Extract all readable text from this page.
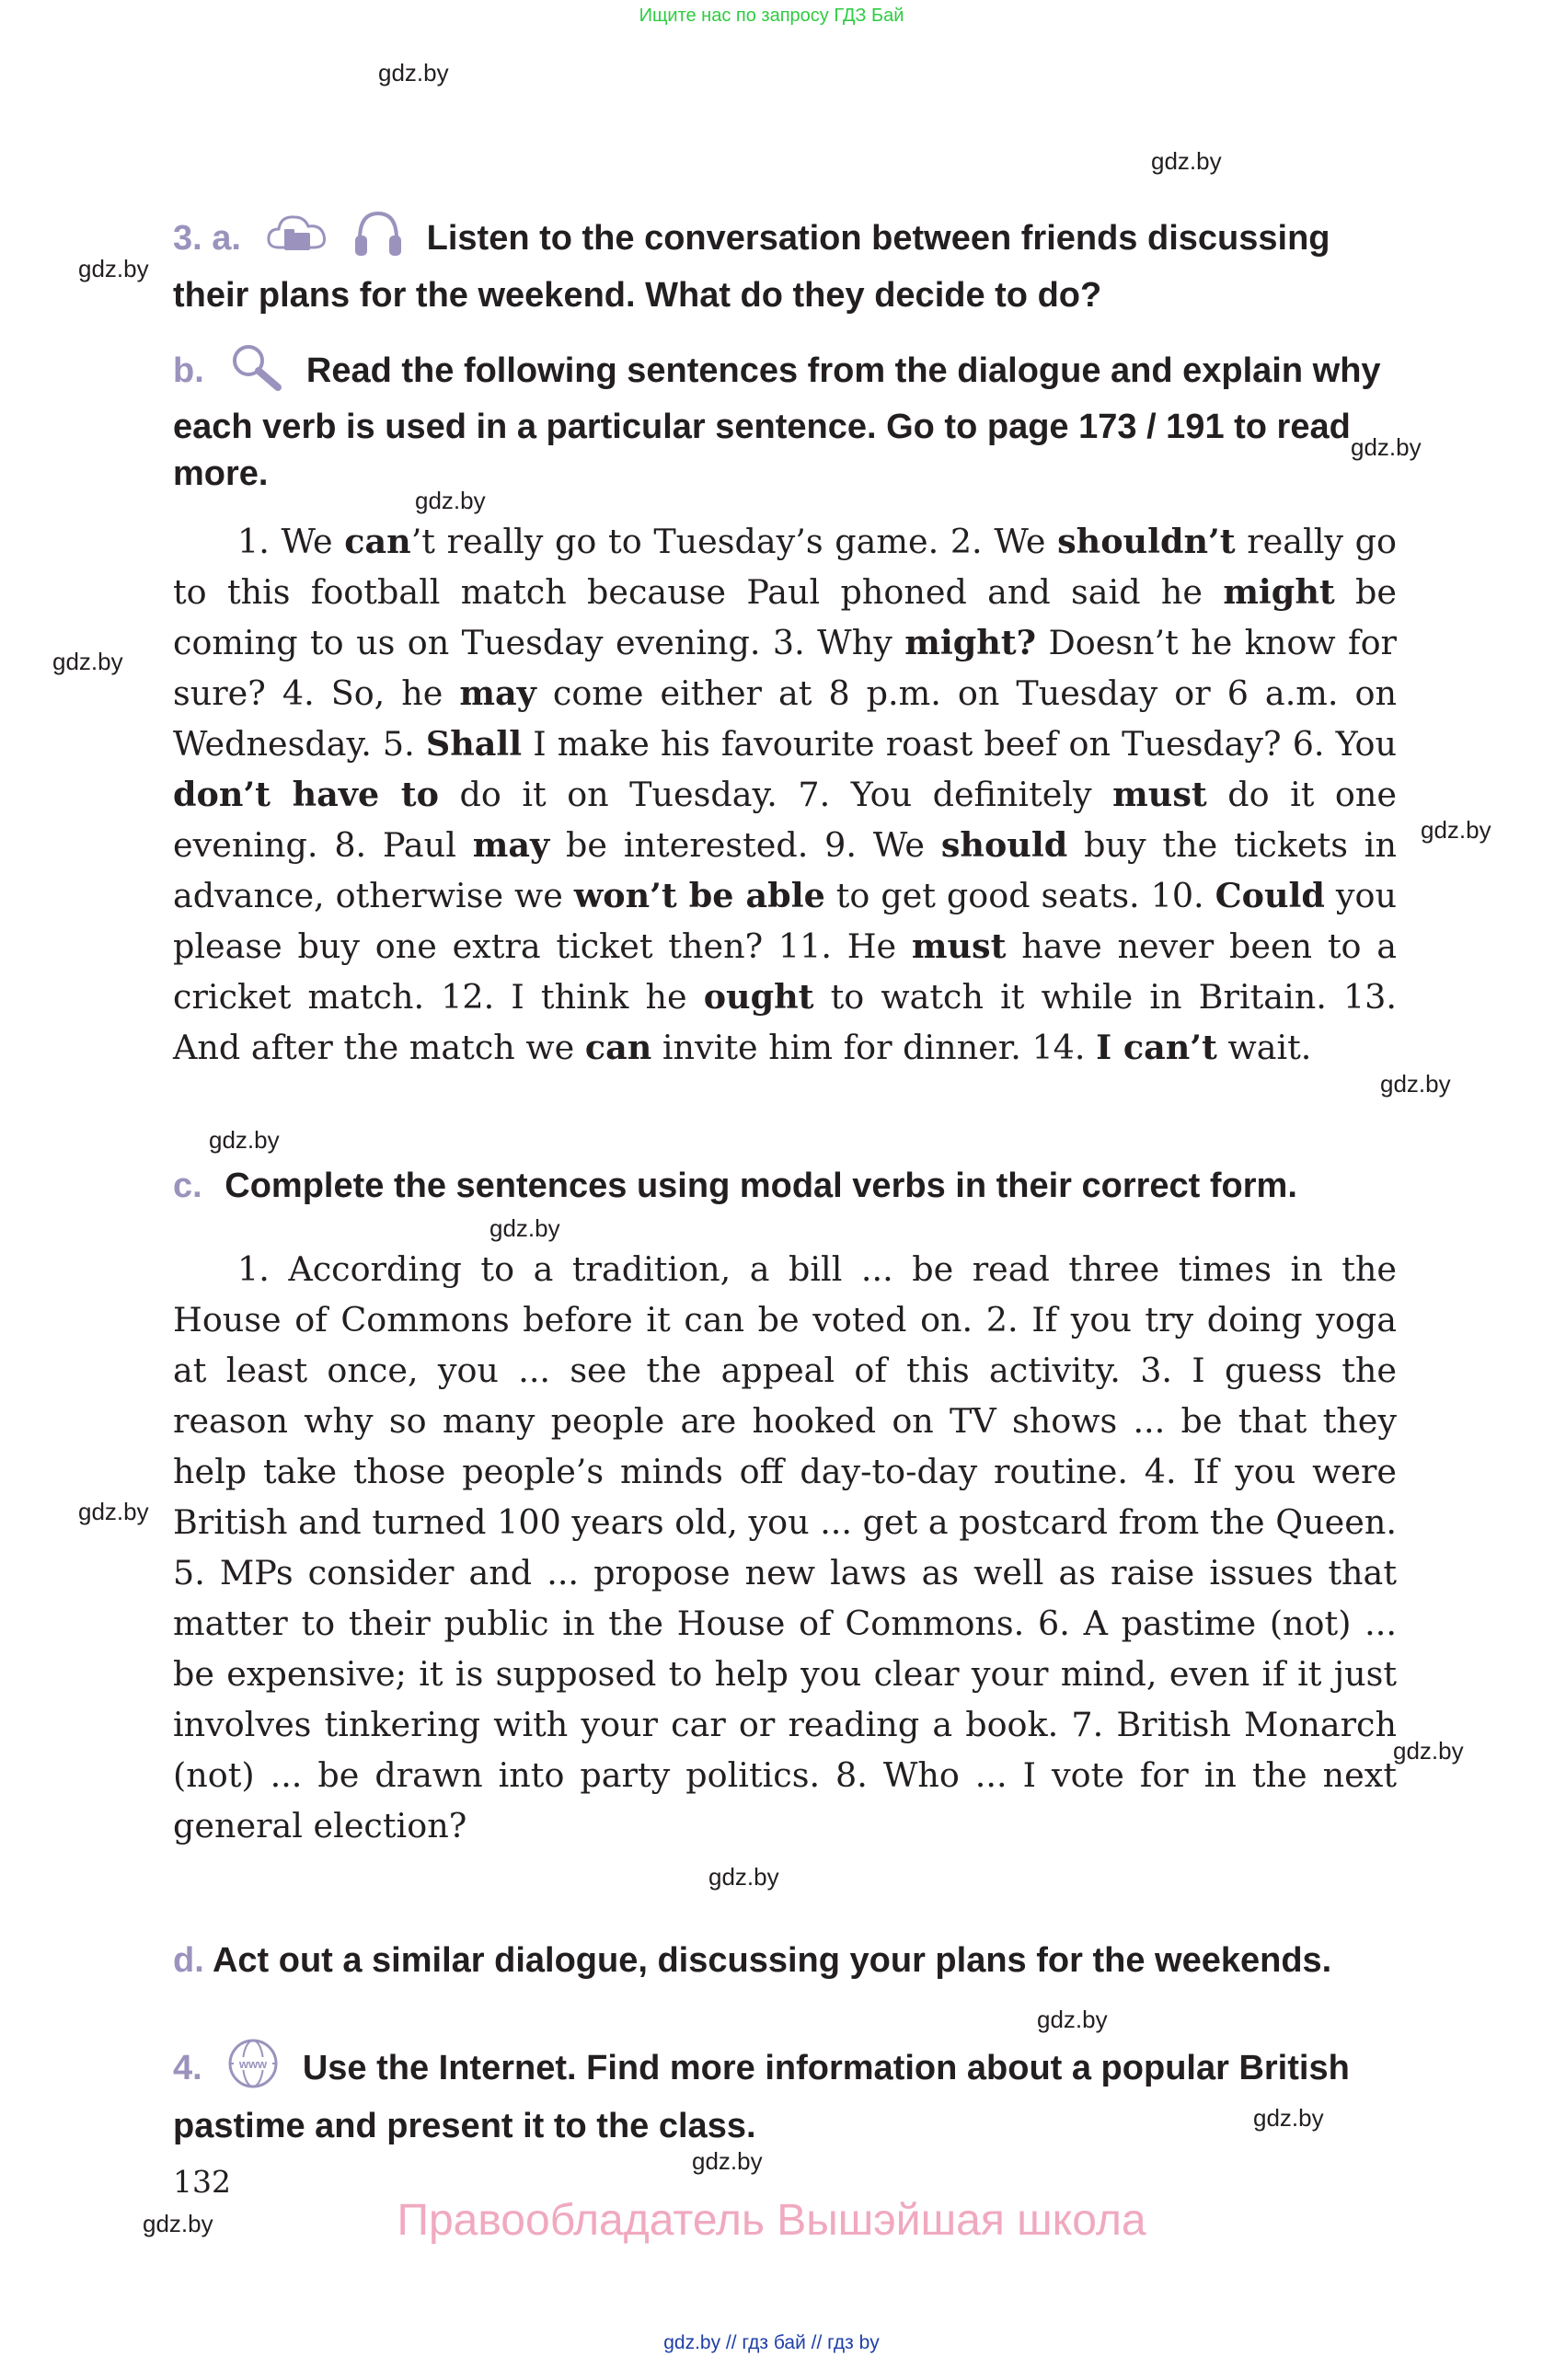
Ищите нас по запросу ГДЗ Бай
gdz.by
gdz.by
gdz.by
gdz.by
gdz.by
gdz.by
gdz.by
gdz.by
gdz.by
gdz.by
gdz.by
gdz.by
gdz.by
gdz.by
gdz.by
gdz.by
gdz.by
3. a.	Listen to the conversation between friends discussing their plans for the weekend. What do they decide to do?
b.	Read the following sentences from the dialogue and explain why each verb is used in a particular sentence. Go to page 173 / 191 to read more.

1. We can’t really go to Tuesday’s game. 2. We shouldn’t really go to this football match because Paul phoned and said he might be coming to us on Tuesday evening. 3. Why might? Doesn’t he know for sure? 4. So, he may come either at 8 p.m. on Tuesday or 6 a.m. on Wednesday. 5. Shall I make his favourite roast beef on Tuesday? 6. You don’t have to do it on Tuesday. 7. You definitely must do it one evening. 8. Paul may be interested. 9. We should buy the tickets in advance, otherwise we won’t be able to get good seats. 10. Could you please buy one extra ticket then? 11. He must have never been to a cricket match. 12. I think he ought to watch it while in Britain. 13. And after the match we can invite him for dinner. 14. I can’t wait.

c. Complete the sentences using modal verbs in their correct form.

1. According to a tradition, a bill ... be read three times in the House of Commons before it can be voted on. 2. If you try doing yoga at least once, you ... see the appeal of this activity. 3. I guess the reason why so many people are hooked on TV shows ... be that they help take those people’s minds off day-to-day routine. 4. If you were British and turned 100 years old, you ... get a postcard from the Queen. 5. MPs consider and ... propose new laws as well as raise issues that matter to their public in the House of Commons. 6. A pastime (not) ... be expensive; it is supposed to help you clear your mind, even if it just involves tinkering with your car or reading a book. 7. British Monarch (not) ... be drawn into party politics. 8. Who ... I vote for in the next general election?

d. Act out a similar dialogue, discussing your plans for the weekends.
4.	www Use the Internet. Find more information about a popular British pastime and present it to the class.
132
Правообладатель Вышэйшая школа
gdz.by // гдз бай // гдз by
